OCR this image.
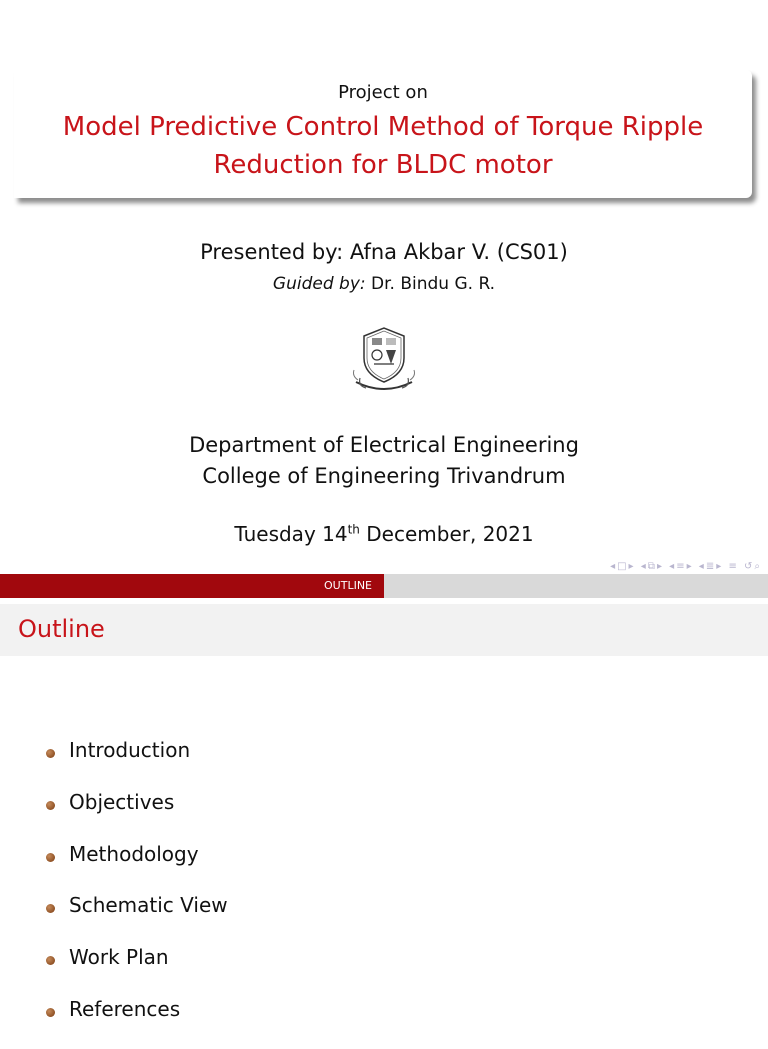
Project on
Model Predictive Control Method of Torque Ripple
Reduction for BLDC motor
Presented by: Afna Akbar V. (CS01)
Guided by: Dr. Bindu G. R.
Department of Electrical Engineering
College of Engineering Trivandrum
Tuesday 14th December, 2021
◂□▸ ◂⧉▸ ◂≡▸ ◂≣▸ ≡ ↺⌕
OUTLINE
Outline
Introduction
Objectives
Methodology
Schematic View
Work Plan
References
